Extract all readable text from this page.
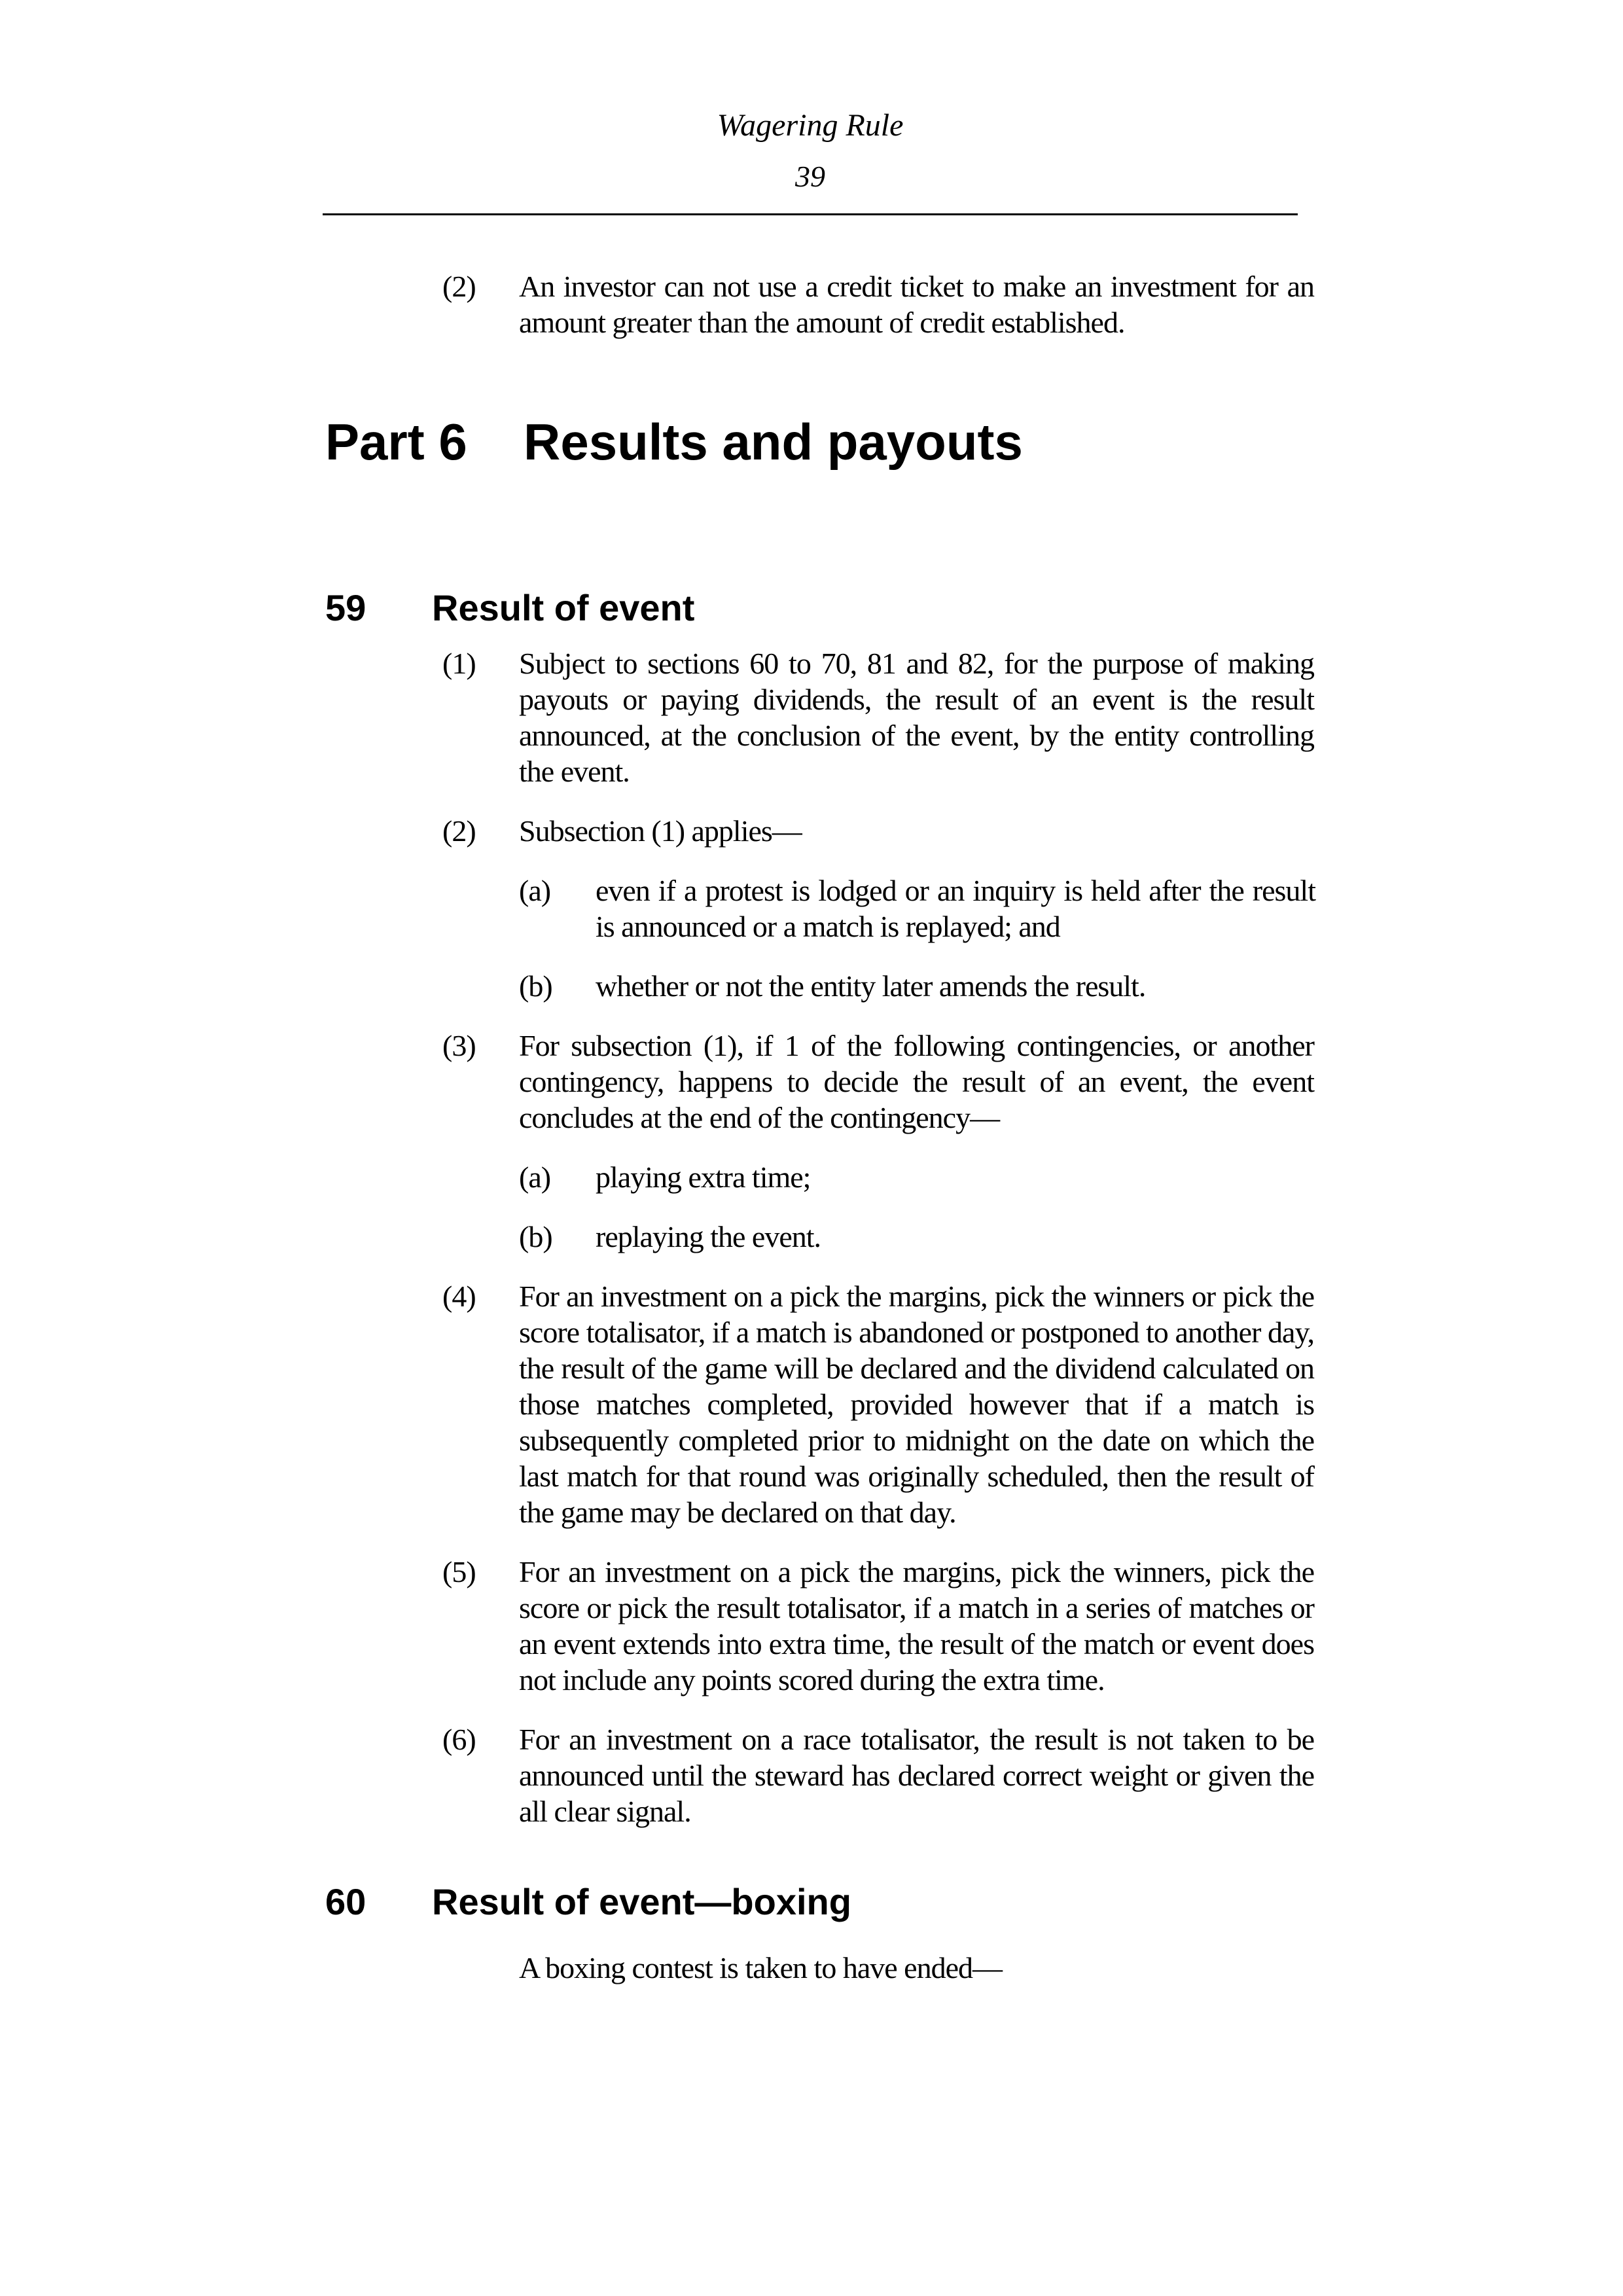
Wagering Rule
39
(2)	An investor can not use a credit ticket to make an investment for an amount greater than the amount of credit established.
Part 6 Results and payouts
59 Result of event
(1)	Subject to sections 60 to 70, 81 and 82, for the purpose of making payouts or paying dividends, the result of an event is the result announced, at the conclusion of the event, by the entity controlling the event.
(2)	Subsection (1) applies—
(a)	even if a protest is lodged or an inquiry is held after the result is announced or a match is replayed; and
(b)	whether or not the entity later amends the result.
(3)	For subsection (1), if 1 of the following contingencies, or another contingency, happens to decide the result of an event, the event concludes at the end of the contingency—
(a)	playing extra time;
(b)	replaying the event.
(4)	For an investment on a pick the margins, pick the winners or pick the score totalisator, if a match is abandoned or postponed to another day, the result of the game will be declared and the dividend calculated on those matches completed, provided however that if a match is subsequently completed prior to midnight on the date on which the last match for that round was originally scheduled, then the result of the game may be declared on that day.
(5)	For an investment on a pick the margins, pick the winners, pick the score or pick the result totalisator, if a match in a series of matches or an event extends into extra time, the result of the match or event does not include any points scored during the extra time.
(6)	For an investment on a race totalisator, the result is not taken to be announced until the steward has declared correct weight or given the all clear signal.
60 Result of event—boxing
A boxing contest is taken to have ended—
